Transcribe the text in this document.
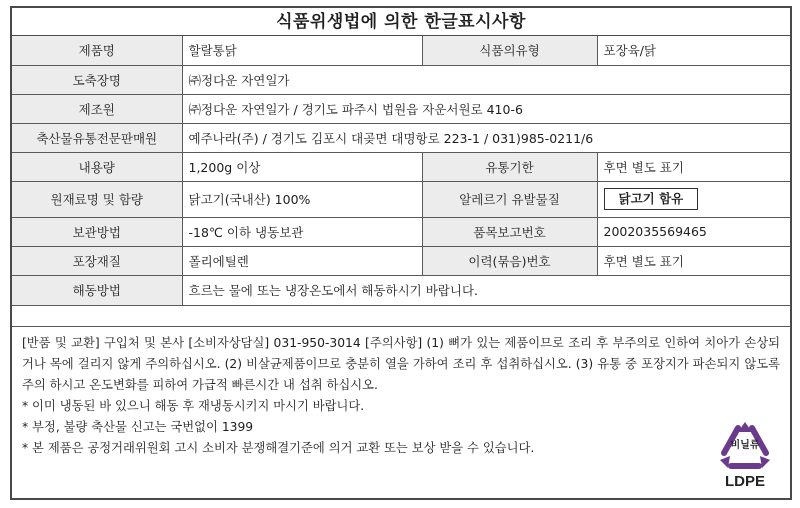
식품위생법에 의한 한글표시사항
제품명	할랄통닭	식품의유형	포장육/닭
도축장명	㈜정다운 자연일가		
제조원	㈜정다운 자연일가 / 경기도 파주시 법원읍 자운서원로 410-6		
축산물유통전문판매원	예주나라(주) / 경기도 김포시 대곶면 대명항로 223-1 / 031)985-0211/6		
내용량	1,200g 이상	유통기한	후면 별도 표기
원재료명 및 함량	닭고기(국내산) 100%	알레르기 유발물질	닭고기 함유
보관방법	-18℃ 이하 냉동보관	품목보고번호	2002035569465
포장재질	폴리에틸렌	이력(묶음)번호	후면 별도 표기
해동방법	흐르는 물에 또는 냉장온도에서 해동하시기 바랍니다.		

[반품 및 교환] 구입처 및 본사 [소비자상담실] 031-950-3014 [주의사항] (1) 뼈가 있는 제품이므로 조리 후 부주의로 인하여 치아가 손상되거나 목에 걸리지 않게 주의하십시오. (2) 비살균제품이므로 충분히 열을 가하여 조리 후 섭취하십시오. (3) 유통 중 포장지가 파손되지 않도록 주의 하시고 온도변화를 피하여 가급적 빠른시간 내 섭취 하십시오.

* 이미 냉동된 바 있으니 해동 후 재냉동시키지 마시기 바랍니다.
* 부정, 불량 축산물 신고는 국번없이 1399
* 본 제품은 공정거래위원회 고시 소비자 분쟁해결기준에 의거 교환 또는 보상 받을 수 있습니다.	비닐류
LDPE
